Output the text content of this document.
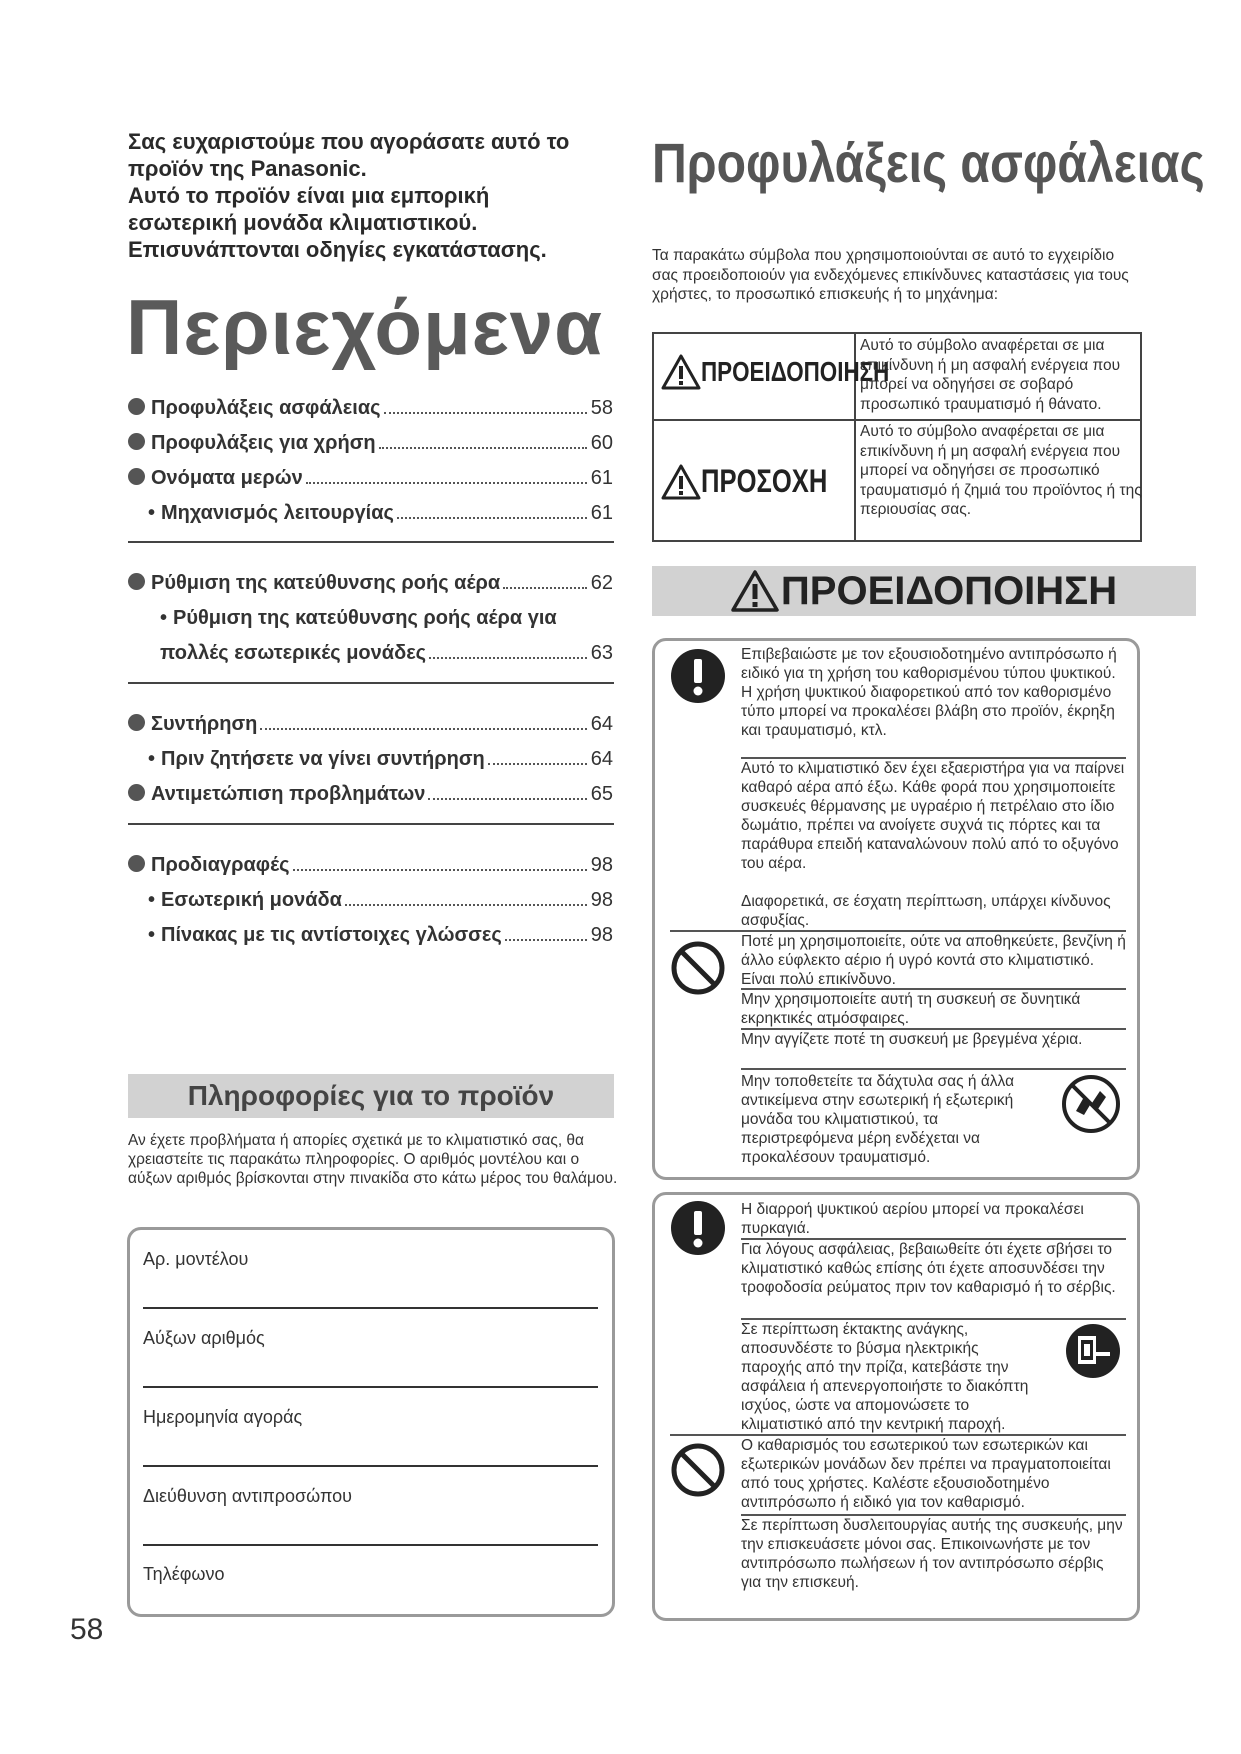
Σας ευχαριστούμε που αγοράσατε αυτό το
προϊόν της Panasonic.
Αυτό το προϊόν είναι μια εμπορική
εσωτερική μονάδα κλιματιστικού.
Επισυνάπτονται οδηγίες εγκατάστασης.
Περιεχόμενα
Προφυλάξεις ασφάλειας	58
Προφυλάξεις για χρήση	60
Ονόματα μερών	61
• Μηχανισμός λειτουργίας	61
Ρύθμιση της κατεύθυνσης ροής αέρα	62
• Ρύθμιση της κατεύθυνσης ροής αέρα για
πολλές εσωτερικές μονάδες	63
Συντήρηση	64
• Πριν ζητήσετε να γίνει συντήρηση	64
Αντιμετώπιση προβλημάτων	65
Προδιαγραφές	98
• Εσωτερική μονάδα	98
• Πίνακας με τις αντίστοιχες γλώσσες	98
Πληροφορίες για το προϊόν
Αν έχετε προβλήματα ή απορίες σχετικά με το κλιματιστικό σας, θα χρειαστείτε τις παρακάτω πληροφορίες. Ο αριθμός μοντέλου και ο αύξων αριθμός βρίσκονται στην πινακίδα στο κάτω μέρος του θαλάμου.
Αρ. μοντέλου
Αύξων αριθμός
Ημερομηνία αγοράς
Διεύθυνση αντιπροσώπου
Τηλέφωνο
58
Προφυλάξεις ασφάλειας
Τα παρακάτω σύμβολα που χρησιμοποιούνται σε αυτό το εγχειρίδιο σας προειδοποιούν για ενδεχόμενες επικίνδυνες καταστάσεις για τους χρήστες, το προσωπικό επισκευής ή το μηχάνημα:
ΠΡΟΕΙΔΟΠΟΙΗΣΗ
Αυτό το σύμβολο αναφέρεται σε μια επικίνδυνη ή μη ασφαλή ενέργεια που μπορεί να οδηγήσει σε σοβαρό προσωπικό τραυματισμό ή θάνατο.
ΠΡΟΣΟΧΗ
Αυτό το σύμβολο αναφέρεται σε μια επικίνδυνη ή μη ασφαλή ενέργεια που μπορεί να οδηγήσει σε προσωπικό τραυματισμό ή ζημιά του προϊόντος ή της περιουσίας σας.
ΠΡΟΕΙΔΟΠΟΙΗΣΗ
Επιβεβαιώστε με τον εξουσιοδοτημένο αντιπρόσωπο ή ειδικό για τη χρήση του καθορισμένου τύπου ψυκτικού. Η χρήση ψυκτικού διαφορετικού από τον καθορισμένο τύπο μπορεί να προκαλέσει βλάβη στο προϊόν, έκρηξη και τραυματισμό, κτλ.
Αυτό το κλιματιστικό δεν έχει εξαεριστήρα για να παίρνει καθαρό αέρα από έξω. Κάθε φορά που χρησιμοποιείτε συσκευές θέρμανσης με υγραέριο ή πετρέλαιο στο ίδιο δωμάτιο, πρέπει να ανοίγετε συχνά τις πόρτες και τα παράθυρα επειδή καταναλώνουν πολύ από το οξυγόνο του αέρα.
Διαφορετικά, σε έσχατη περίπτωση, υπάρχει κίνδυνος ασφυξίας.
Ποτέ μη χρησιμοποιείτε, ούτε να αποθηκεύετε, βενζίνη ή άλλο εύφλεκτο αέριο ή υγρό κοντά στο κλιματιστικό. Είναι πολύ επικίνδυνο.
Μην χρησιμοποιείτε αυτή τη συσκευή σε δυνητικά εκρηκτικές ατμόσφαιρες.
Μην αγγίζετε ποτέ τη συσκευή με βρεγμένα χέρια.
Μην τοποθετείτε τα δάχτυλα σας ή άλλα αντικείμενα στην εσωτερική ή εξωτερική μονάδα του κλιματιστικού, τα περιστρεφόμενα μέρη ενδέχεται να προκαλέσουν τραυματισμό.
Η διαρροή ψυκτικού αερίου μπορεί να προκαλέσει πυρκαγιά.
Για λόγους ασφάλειας, βεβαιωθείτε ότι έχετε σβήσει το κλιματιστικό καθώς επίσης ότι έχετε αποσυνδέσει την τροφοδοσία ρεύματος πριν τον καθαρισμό ή το σέρβις.
Σε περίπτωση έκτακτης ανάγκης, αποσυνδέστε το βύσμα ηλεκτρικής παροχής από την πρίζα, κατεβάστε την ασφάλεια ή απενεργοποιήστε το διακόπτη ισχύος, ώστε να απομονώσετε το κλιματιστικό από την κεντρική παροχή.
Ο καθαρισμός του εσωτερικού των εσωτερικών και εξωτερικών μονάδων δεν πρέπει να πραγματοποιείται από τους χρήστες. Καλέστε εξουσιοδοτημένο αντιπρόσωπο ή ειδικό για τον καθαρισμό.
Σε περίπτωση δυσλειτουργίας αυτής της συσκευής, μην την επισκευάσετε μόνοι σας. Επικοινωνήστε με τον αντιπρόσωπο πωλήσεων ή τον αντιπρόσωπο σέρβις για την επισκευή.
